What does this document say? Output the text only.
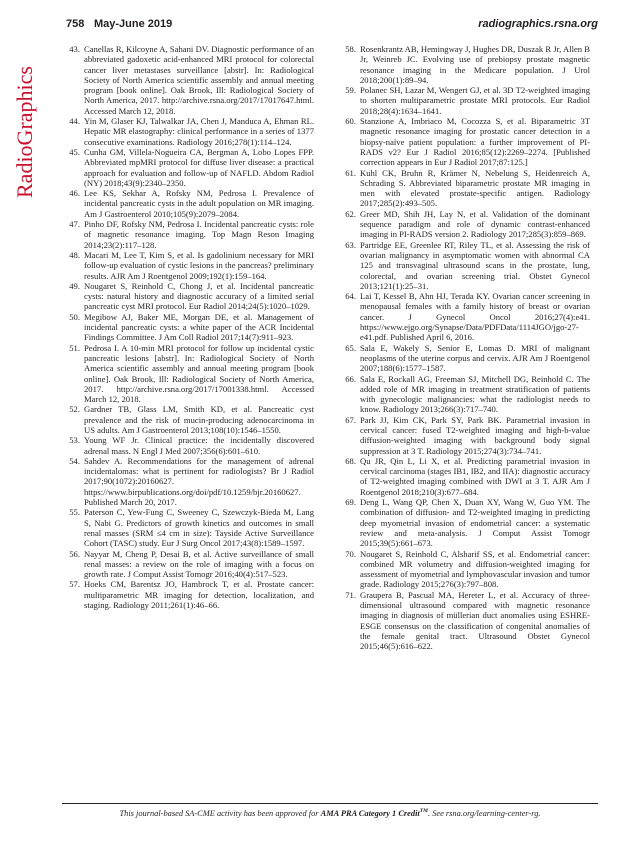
758 May-June 2019	radiographics.rsna.org
RadioGraphics

43. Canellas R, Kilcoyne A, Sahani DV. Diagnostic performance of an abbreviated gadoxetic acid-enhanced MRI protocol for colorectal cancer liver metastases surveillance [abstr]. In: Radiological Society of North America scientific assembly and annual meeting program [book online]. Oak Brook, Ill: Radiological Society of North America, 2017. http://archive.rsna.org/2017/17017647.html. Accessed March 12, 2018.

44. Yin M, Glaser KJ, Talwalkar JA, Chen J, Manduca A, Ehman RL. Hepatic MR elastography: clinical performance in a series of 1377 consecutive examinations. Radiology 2016;278(1):114–124.

45. Cunha GM, Villela-Nogueira CA, Bergman A, Lobo Lopes FPP. Abbreviated mpMRI protocol for diffuse liver disease: a practical approach for evaluation and follow-up of NAFLD. Abdom Radiol (NY) 2018;43(9):2340–2350.

46. Lee KS, Sekhar A, Rofsky NM, Pedrosa I. Prevalence of incidental pancreatic cysts in the adult population on MR imaging. Am J Gastroenterol 2010;105(9):2079–2084.

47. Pinho DF, Rofsky NM, Pedrosa I. Incidental pancreatic cysts: role of magnetic resonance imaging. Top Magn Reson Imaging 2014;23(2):117–128.

48. Macari M, Lee T, Kim S, et al. Is gadolinium necessary for MRI follow-up evaluation of cystic lesions in the pancreas? preliminary results. AJR Am J Roentgenol 2009;192(1):159–164.

49. Nougaret S, Reinhold C, Chong J, et al. Incidental pancreatic cysts: natural history and diagnostic accuracy of a limited serial pancreatic cyst MRI protocol. Eur Radiol 2014;24(5):1020–1029.

50. Megibow AJ, Baker ME, Morgan DE, et al. Management of incidental pancreatic cysts: a white paper of the ACR Incidental Findings Committee. J Am Coll Radiol 2017;14(7):911–923.

51. Pedrosa I. A 10-min MRI protocol for follow up incidental cystic pancreatic lesions [abstr]. In: Radiological Society of North America scientific assembly and annual meeting program [book online]. Oak Brook, Ill: Radiological Society of North America, 2017. http://archive.rsna.org/2017/17001338.html. Accessed March 12, 2018.

52. Gardner TB, Glass LM, Smith KD, et al. Pancreatic cyst prevalence and the risk of mucin-producing adenocarcinoma in US adults. Am J Gastroenterol 2013;108(10):1546–1550.

53. Young WF Jr. Clinical practice: the incidentally discovered adrenal mass. N Engl J Med 2007;356(6):601–610.

54. Sahdev A. Recommendations for the management of adrenal incidentalomas: what is pertinent for radiologists? Br J Radiol 2017;90(1072):20160627. https://www.birpublications.org/doi/pdf/10.1259/bjr.20160627. Published March 20, 2017.

55. Paterson C, Yew-Fung C, Sweeney C, Szewczyk-Bieda M, Lang S, Nabi G. Predictors of growth kinetics and outcomes in small renal masses (SRM ≤4 cm in size): Tayside Active Surveillance Cohort (TASC) study. Eur J Surg Oncol 2017;43(8):1589–1597.

56. Nayyar M, Cheng P, Desai B, et al. Active surveillance of small renal masses: a review on the role of imaging with a focus on growth rate. J Comput Assist Tomogr 2016;40(4):517–523.

57. Hoeks CM, Barentsz JO, Hambrock T, et al. Prostate cancer: multiparametric MR imaging for detection, localization, and staging. Radiology 2011;261(1):46–66.

58. Rosenkrantz AB, Hemingway J, Hughes DR, Duszak R Jr, Allen B Jr, Weinreb JC. Evolving use of prebiopsy prostate magnetic resonance imaging in the Medicare population. J Urol 2018;200(1):89–94.

59. Polanec SH, Lazar M, Wengert GJ, et al. 3D T2-weighted imaging to shorten multiparametric prostate MRI protocols. Eur Radiol 2018;28(4):1634–1641.

60. Stanzione A, Imbriaco M, Cocozza S, et al. Biparametric 3T magnetic resonance imaging for prostatic cancer detection in a biopsy-naïve patient population: a further improvement of PI-RADS v2? Eur J Radiol 2016;85(12):2269–2274. [Published correction appears in Eur J Radiol 2017;87:125.]

61. Kuhl CK, Bruhn R, Krämer N, Nebelung S, Heidenreich A, Schrading S. Abbreviated biparametric prostate MR imaging in men with elevated prostate-specific antigen. Radiology 2017;285(2):493–505.

62. Greer MD, Shih JH, Lay N, et al. Validation of the dominant sequence paradigm and role of dynamic contrast-enhanced imaging in PI-RADS version 2. Radiology 2017;285(3):859–869.

63. Partridge EE, Greenlee RT, Riley TL, et al. Assessing the risk of ovarian malignancy in asymptomatic women with abnormal CA 125 and transvaginal ultrasound scans in the prostate, lung, colorectal, and ovarian screening trial. Obstet Gynecol 2013;121(1):25–31.

64. Lai T, Kessel B, Ahn HJ, Terada KY. Ovarian cancer screening in menopausal females with a family history of breast or ovarian cancer. J Gynecol Oncol 2016;27(4):e41. https://www.ejgo.org/Synapse/Data/PDFData/1114JGO/jgo-27-e41.pdf. Published April 6, 2016.

65. Sala E, Wakely S, Senior E, Lomas D. MRI of malignant neoplasms of the uterine corpus and cervix. AJR Am J Roentgenol 2007;188(6):1577–1587.

66. Sala E, Rockall AG, Freeman SJ, Mitchell DG, Reinhold C. The added role of MR imaging in treatment stratification of patients with gynecologic malignancies: what the radiologist needs to know. Radiology 2013;266(3):717–740.

67. Park JJ, Kim CK, Park SY, Park BK. Parametrial invasion in cervical cancer: fused T2-weighted imaging and high-b-value diffusion-weighted imaging with background body signal suppression at 3 T. Radiology 2015;274(3):734–741.

68. Qu JR, Qin L, Li X, et al. Predicting parametrial invasion in cervical carcinoma (stages IB1, IB2, and IIA): diagnostic accuracy of T2-weighted imaging combined with DWI at 3 T. AJR Am J Roentgenol 2018;210(3):677–684.

69. Deng L, Wang QP, Chen X, Duan XY, Wang W, Guo YM. The combination of diffusion- and T2-weighted imaging in predicting deep myometrial invasion of endometrial cancer: a systematic review and meta-analysis. J Comput Assist Tomogr 2015;39(5):661–673.

70. Nougaret S, Reinhold C, Alsharif SS, et al. Endometrial cancer: combined MR volumetry and diffusion-weighted imaging for assessment of myometrial and lymphovascular invasion and tumor grade. Radiology 2015;276(3):797–808.

71. Graupera B, Pascual MA, Hereter L, et al. Accuracy of three-dimensional ultrasound compared with magnetic resonance imaging in diagnosis of müllerian duct anomalies using ESHRE-ESGE consensus on the classification of congenital anomalies of the female genital tract. Ultrasound Obstet Gynecol 2015;46(5):616–622.

This journal-based SA-CME activity has been approved for AMA PRA Category 1 Credit™. See rsna.org/learning-center-rg.
